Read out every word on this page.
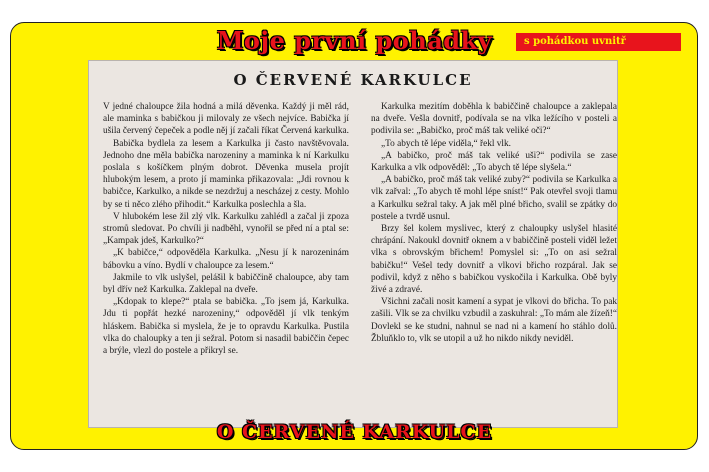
Moje první pohádky	s pohádkou uvnitř
O ČERVENÉ KARKULCE

V jedné chaloupce žila hodná a milá děvenka. Každý ji měl rád, ale maminka s babičkou ji milovaly ze všech nejvíce. Babička jí ušila červený čepeček a podle něj jí začali říkat Červená karkulka.

Babička bydlela za lesem a Karkulka ji často navštěvovala. Jednoho dne měla babička narozeniny a maminka k ní Karkulku poslala s košíčkem plným dobrot. Děvenka musela projít hlubokým lesem, a proto jí maminka přikazovala: „Jdi rovnou k babičce, Karkulko, a nikde se nezdržuj a nescházej z cesty. Mohlo by se ti něco zlého přihodit.“ Karkulka poslechla a šla.

V hlubokém lese žil zlý vlk. Karkulku zahlédl a začal ji zpoza stromů sledovat. Po chvíli ji nadběhl, vynořil se před ní a ptal se: „Kampak jdeš, Karkulko?“

„K babičce,“ odpověděla Karkulka. „Nesu jí k narozeninám bábovku a víno. Bydlí v chaloupce za lesem.“

Jakmile to vlk uslyšel, pelášil k babiččině chaloupce, aby tam byl dřív než Karkulka. Zaklepal na dveře.

„Kdopak to klepe?“ ptala se babička. „To jsem já, Karkulka. Jdu ti popřát hezké narozeniny,“ odpověděl jí vlk tenkým hláskem. Babička si myslela, že je to opravdu Karkulka. Pustila vlka do chaloupky a ten ji sežral. Potom si nasadil babiččin čepec a brýle, vlezl do postele a přikryl se.

Karkulka mezitím doběhla k babiččině chaloupce a zaklepala na dveře. Vešla dovnitř, podívala se na vlka ležícího v posteli a podivila se: „Babičko, proč máš tak veliké oči?“

„To abych tě lépe viděla,“ řekl vlk.

„A babičko, proč máš tak veliké uši?“ podivila se zase Karkulka a vlk odpověděl: „To abych tě lépe slyšela.“

„A babičko, proč máš tak veliké zuby?“ podivila se Karkulka a vlk zařval: „To abych tě mohl lépe sníst!“ Pak otevřel svoji tlamu a Karkulku sežral taky. A jak měl plné břicho, svalil se zpátky do postele a tvrdě usnul.

Brzy šel kolem myslivec, který z chaloupky uslyšel hlasité chrápání. Nakoukl dovnitř oknem a v babiččině posteli viděl ležet vlka s obrovským břichem! Pomyslel si: „To on asi sežral babičku!“ Vešel tedy dovnitř a vlkovi břicho rozpáral. Jak se podivil, když z něho s babičkou vyskočila i Karkulka. Obě byly živé a zdravé.

Všichni začali nosit kamení a sypat je vlkovi do břicha. To pak zašili. Vlk se za chvilku vzbudil a zaskuhral: „To mám ale žízeň!“ Dovlekl se ke studni, nahnul se nad ni a kamení ho stáhlo dolů. Žbluňklo to, vlk se utopil a už ho nikdo nikdy neviděl.

O ČERVENÉ KARKULCE
